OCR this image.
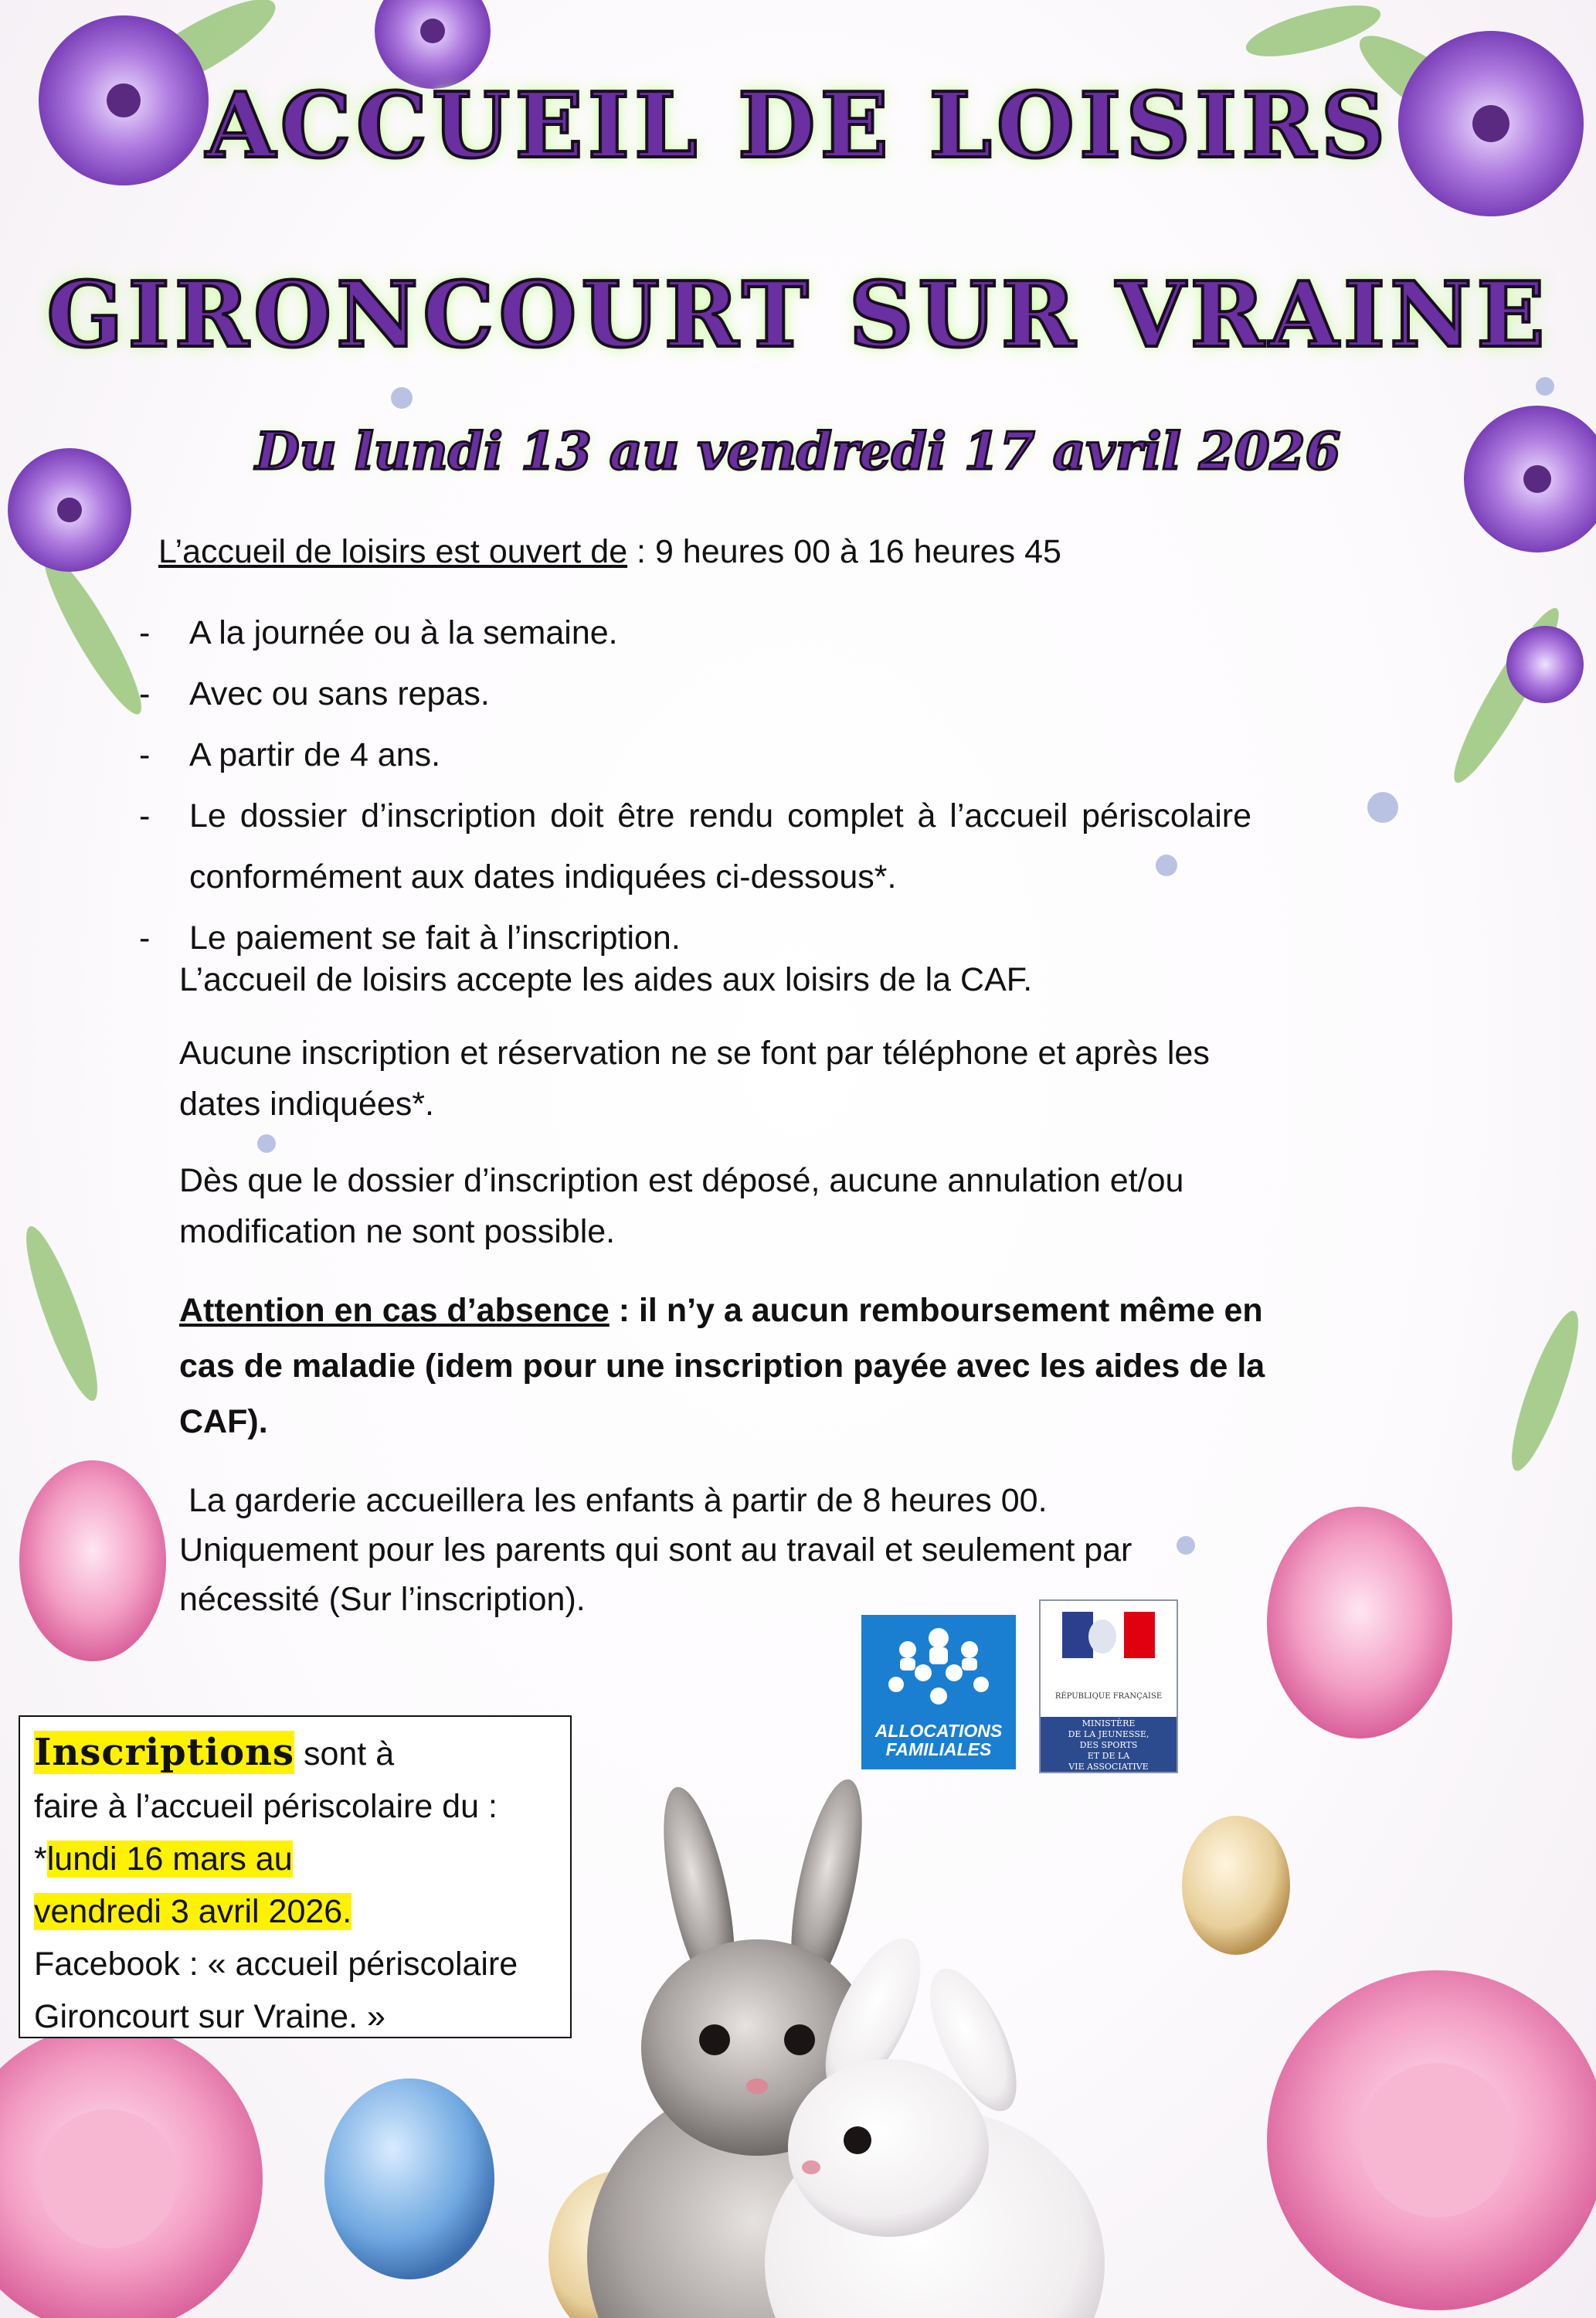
ACCUEIL DE LOISIRS
GIRONCOURT SUR VRAINE
Du lundi 13 au vendredi 17 avril 2026

L’accueil de loisirs est ouvert de : 9 heures 00 à 16 heures 45

- A la journée ou à la semaine.
- Avec ou sans repas.
- A partir de 4 ans.
- Le dossier d’inscription doit être rendu complet à l’accueil périscolaire conformément aux dates indiquées ci-dessous*.
- Le paiement se fait à l’inscription.

L’accueil de loisirs accepte les aides aux loisirs de la CAF.

Aucune inscription et réservation ne se font par téléphone et après les dates indiquées*.

Dès que le dossier d’inscription est déposé, aucune annulation et/ou modification ne sont possible.

Attention en cas d’absence : il n’y a aucun remboursement même en cas de maladie (idem pour une inscription payée avec les aides de la CAF).

La garderie accueillera les enfants à partir de 8 heures 00.
Uniquement pour les parents qui sont au travail et seulement par nécessité (Sur l’inscription).

ALLOCATIONS
FAMILIALES
RÉPUBLIQUE FRANÇAISE
MINISTÈRE
DE LA JEUNESSE,
DES SPORTS
ET DE LA
VIE ASSOCIATIVE

Inscriptions sont à

faire à l’accueil périscolaire du :

*lundi 16 mars au

vendredi 3 avril 2026.

Facebook : « accueil périscolaire

Gironcourt sur Vraine. »
